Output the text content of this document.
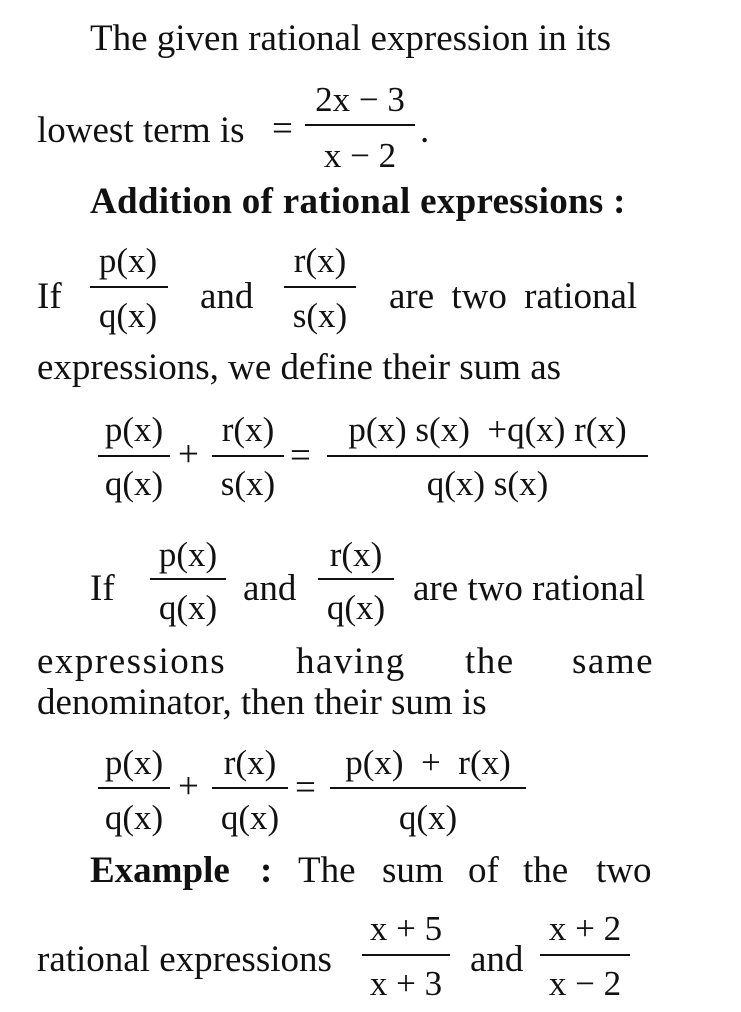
The given rational expression in its
lowest term is =
2x − 3
x − 2
.
Addition of rational expressions :
If
p(x)
q(x) and
r(x)
s(x) are two rational
expressions, we define their sum as
p(x)
q(x)
+
r(x)
s(x)
=
p(x) s(x)  +q(x) r(x)
q(x) s(x)
If
p(x)
q(x) and
r(x)
q(x) are two rational
expressions having the same
denominator, then their sum is
p(x)
q(x)
+
r(x)
q(x)
=
p(x)  +  r(x)
q(x)
Example : The sum of the two
rational expressions
x + 5
x + 3
and
x + 2
x − 2
